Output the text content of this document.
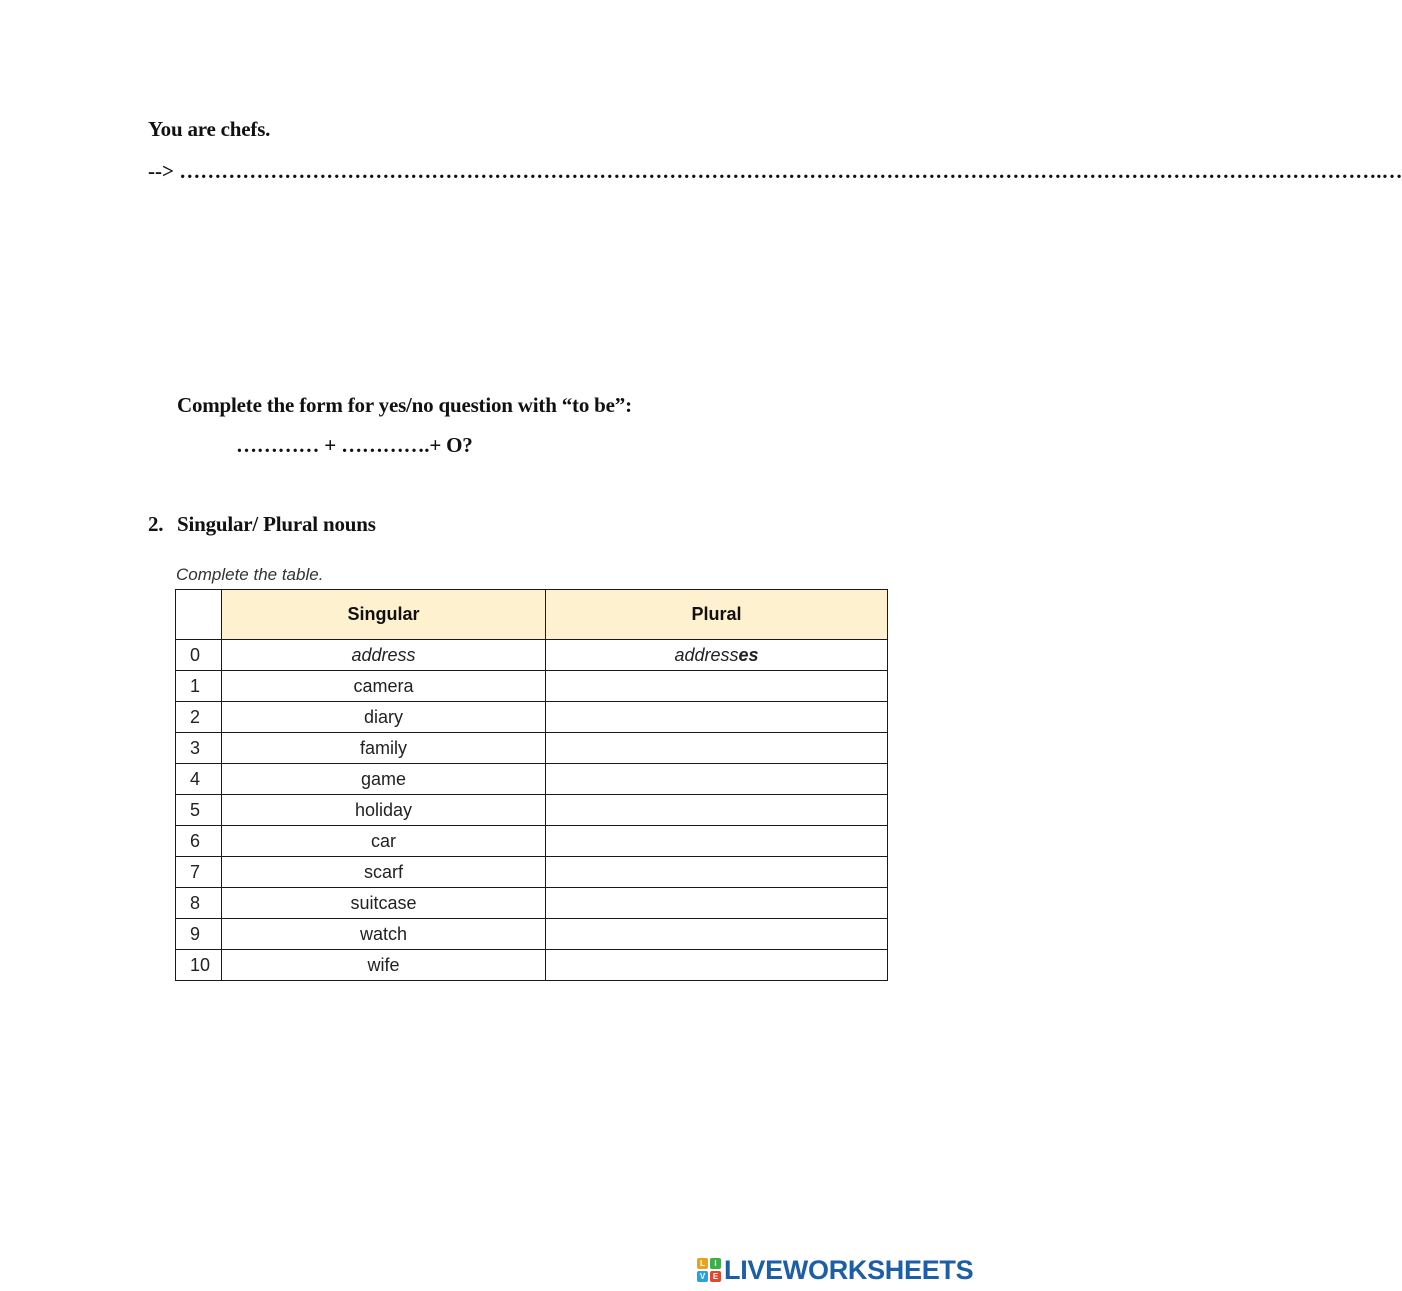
You are chefs.
--> ……………………………………………………………………………………………………………………………………………………….…
Complete the form for yes/no question with “to be”:
………… + ………….+ O?
2. Singular/ Plural nouns
Complete the table.
	Singular	Plural
0	address	addresses
1	camera	
2	diary	
3	family	
4	game	
5	holiday	
6	car	
7	scarf	
8	suitcase	
9	watch	
10	wife	
L	I
V E LIVEWORKSHEETS
